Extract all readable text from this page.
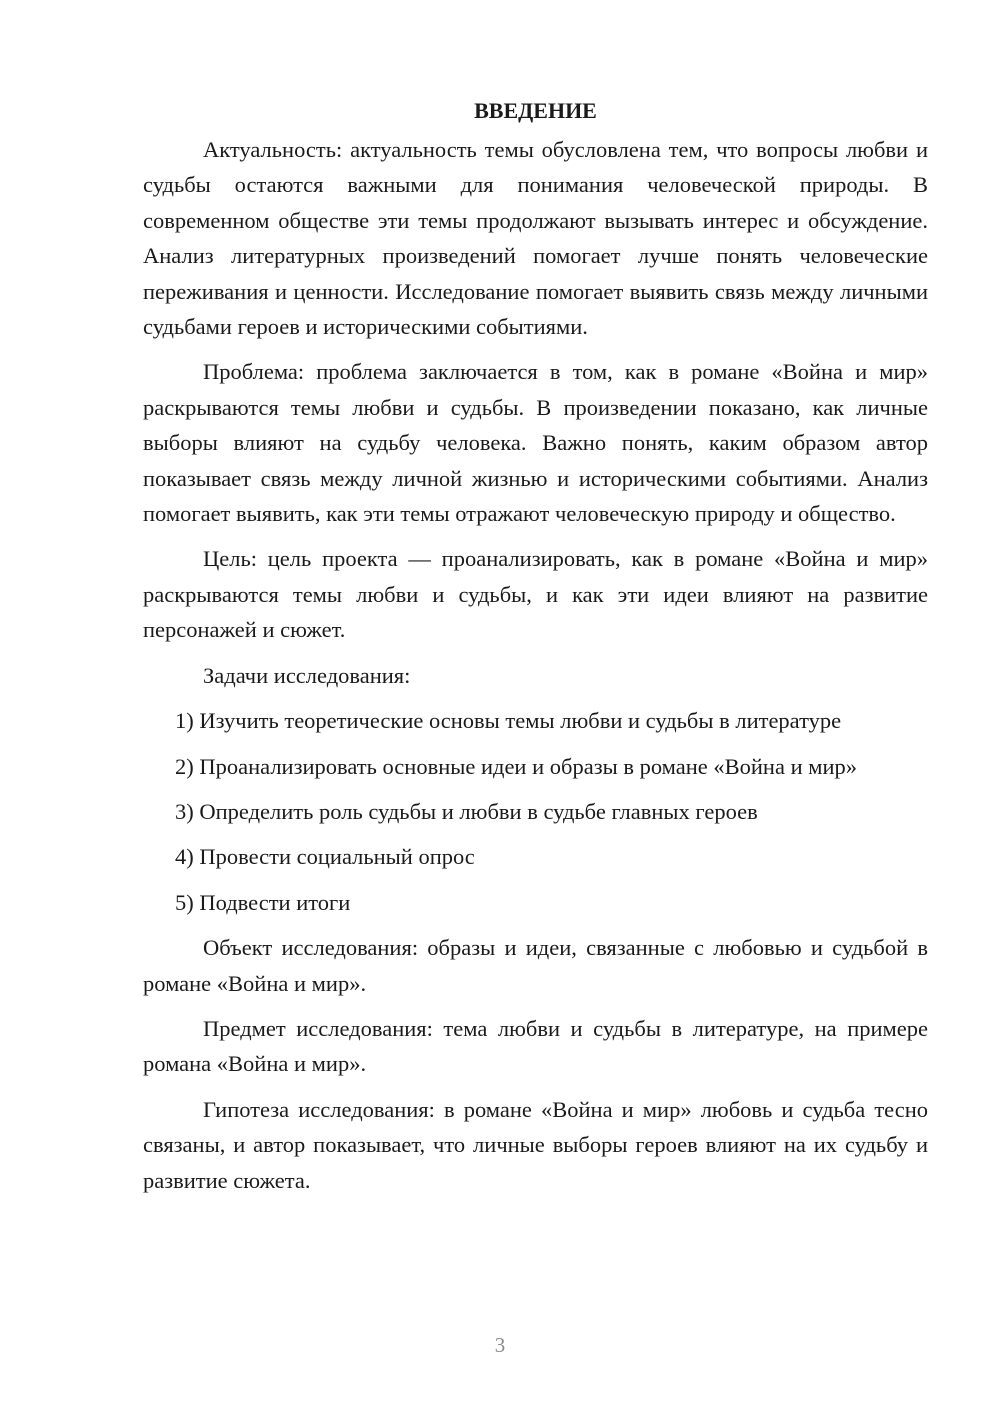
ВВЕДЕНИЕ

Актуальность: актуальность темы обусловлена тем, что вопросы любви и судьбы остаются важными для понимания человеческой природы. В современном обществе эти темы продолжают вызывать интерес и обсуждение. Анализ литературных произведений помогает лучше понять человеческие переживания и ценности. Исследование помогает выявить связь между личными судьбами героев и историческими событиями.

Проблема: проблема заключается в том, как в романе «Война и мир» раскрываются темы любви и судьбы. В произведении показано, как личные выборы влияют на судьбу человека. Важно понять, каким образом автор показывает связь между личной жизнью и историческими событиями. Анализ помогает выявить, как эти темы отражают человеческую природу и общество.

Цель: цель проекта — проанализировать, как в романе «Война и мир» раскрываются темы любви и судьбы, и как эти идеи влияют на развитие персонажей и сюжет.

Задачи исследования:

1) Изучить теоретические основы темы любви и судьбы в литературе

2) Проанализировать основные идеи и образы в романе «Война и мир»

3) Определить роль судьбы и любви в судьбе главных героев

4) Провести социальный опрос

5) Подвести итоги

Объект исследования: образы и идеи, связанные с любовью и судьбой в романе «Война и мир».

Предмет исследования: тема любви и судьбы в литературе, на примере романа «Война и мир».

Гипотеза исследования: в романе «Война и мир» любовь и судьба тесно связаны, и автор показывает, что личные выборы героев влияют на их судьбу и развитие сюжета.

3
